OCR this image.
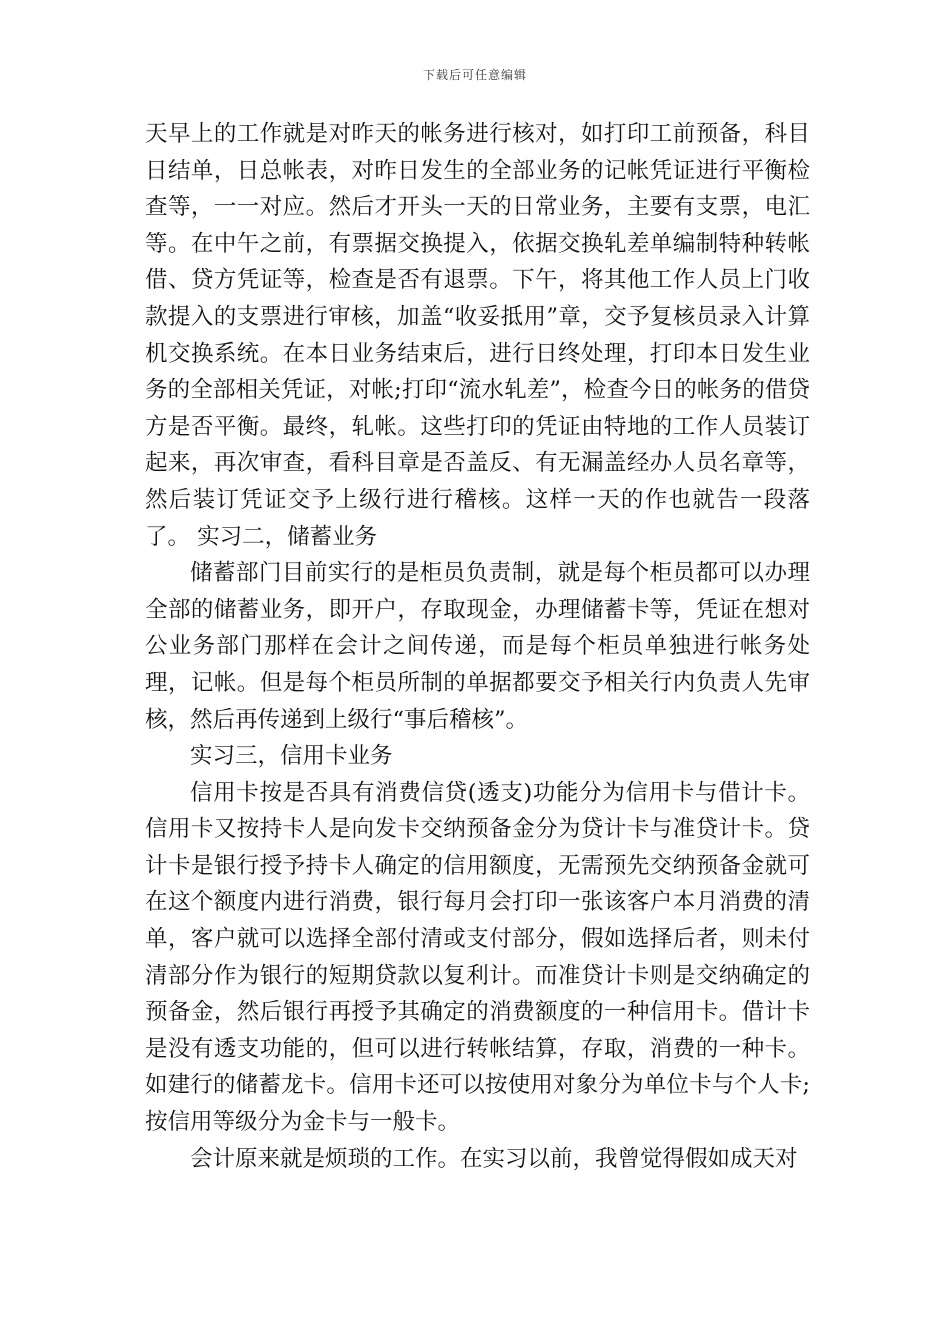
下载后可任意编辑

天早上的工作就是对昨天的帐务进行核对，如打印工前预备，科目日结单，日总帐表，对昨日发生的全部业务的记帐凭证进行平衡检查等，一一对应。然后才开头一天的日常业务，主要有支票，电汇等。在中午之前，有票据交换提入，依据交换轧差单编制特种转帐借、贷方凭证等，检查是否有退票。下午，将其他工作人员上门收款提入的支票进行审核，加盖“收妥抵用”章，交予复核员录入计算机交换系统。在本日业务结束后，进行日终处理，打印本日发生业务的全部相关凭证，对帐;打印“流水轧差”，检查今日的帐务的借贷方是否平衡。最终，轧帐。这些打印的凭证由特地的工作人员装订起来，再次审查，看科目章是否盖反、有无漏盖经办人员名章等，然后装订凭证交予上级行进行稽核。这样一天的作也就告一段落了。 实习二，储蓄业务

储蓄部门目前实行的是柜员负责制，就是每个柜员都可以办理全部的储蓄业务，即开户，存取现金，办理储蓄卡等，凭证在想对公业务部门那样在会计之间传递，而是每个柜员单独进行帐务处理，记帐。但是每个柜员所制的单据都要交予相关行内负责人先审核，然后再传递到上级行“事后稽核”。

实习三，信用卡业务

信用卡按是否具有消费信贷(透支)功能分为信用卡与借计卡。信用卡又按持卡人是向发卡交纳预备金分为贷计卡与准贷计卡。贷计卡是银行授予持卡人确定的信用额度，无需预先交纳预备金就可在这个额度内进行消费，银行每月会打印一张该客户本月消费的清单，客户就可以选择全部付清或支付部分，假如选择后者，则未付清部分作为银行的短期贷款以复利计。而准贷计卡则是交纳确定的预备金，然后银行再授予其确定的消费额度的一种信用卡。借计卡是没有透支功能的，但可以进行转帐结算，存取，消费的一种卡。如建行的储蓄龙卡。信用卡还可以按使用对象分为单位卡与个人卡;按信用等级分为金卡与一般卡。

会计原来就是烦琐的工作。在实习以前，我曾觉得假如成天对
